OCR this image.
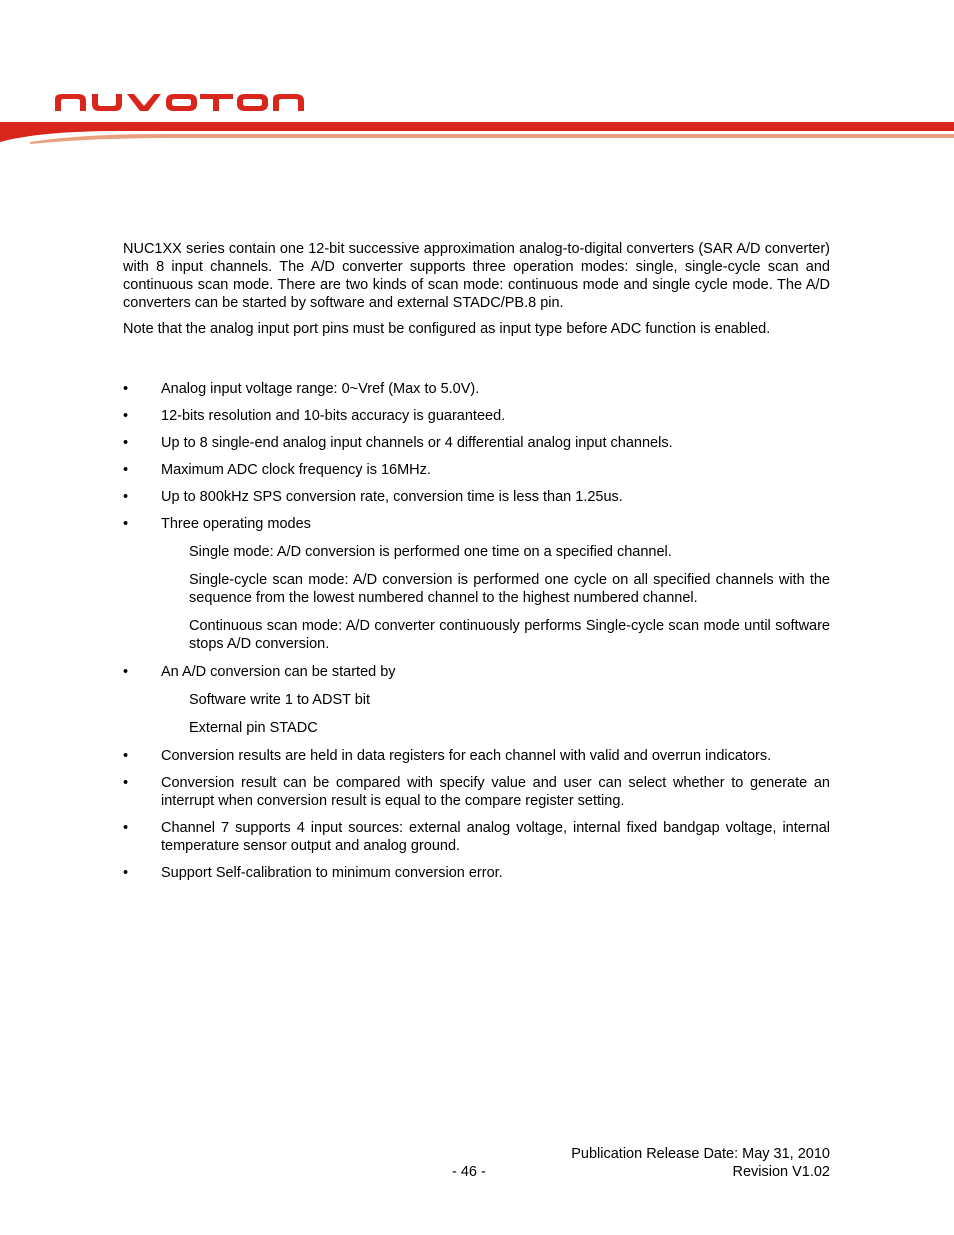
NUC1XX series contain one 12-bit successive approximation analog-to-digital converters (SAR A/D converter) with 8 input channels. The A/D converter supports three operation modes: single, single-cycle scan and continuous scan mode. There are two kinds of scan mode: continuous mode and single cycle mode. The A/D converters can be started by software and external STADC/PB.8 pin.

Note that the analog input port pins must be configured as input type before ADC function is enabled.

• Analog input voltage range: 0~Vref (Max to 5.0V).
• 12-bits resolution and 10-bits accuracy is guaranteed.
• Up to 8 single-end analog input channels or 4 differential analog input channels.
• Maximum ADC clock frequency is 16MHz.
• Up to 800kHz SPS conversion rate, conversion time is less than 1.25us.
• Three operating modes
Single mode: A/D conversion is performed one time on a specified channel.
Single-cycle scan mode: A/D conversion is performed one cycle on all specified channels with the sequence from the lowest numbered channel to the highest numbered channel.
Continuous scan mode: A/D converter continuously performs Single-cycle scan mode until software stops A/D conversion.
• An A/D conversion can be started by
Software write 1 to ADST bit
External pin STADC
• Conversion results are held in data registers for each channel with valid and overrun indicators.
• Conversion result can be compared with specify value and user can select whether to generate an interrupt when conversion result is equal to the compare register setting.
• Channel 7 supports 4 input sources: external analog voltage, internal fixed bandgap voltage, internal temperature sensor output and analog ground.
• Support Self-calibration to minimum conversion error.
Publication Release Date: May 31, 2010
- 46 -	Revision V1.02
